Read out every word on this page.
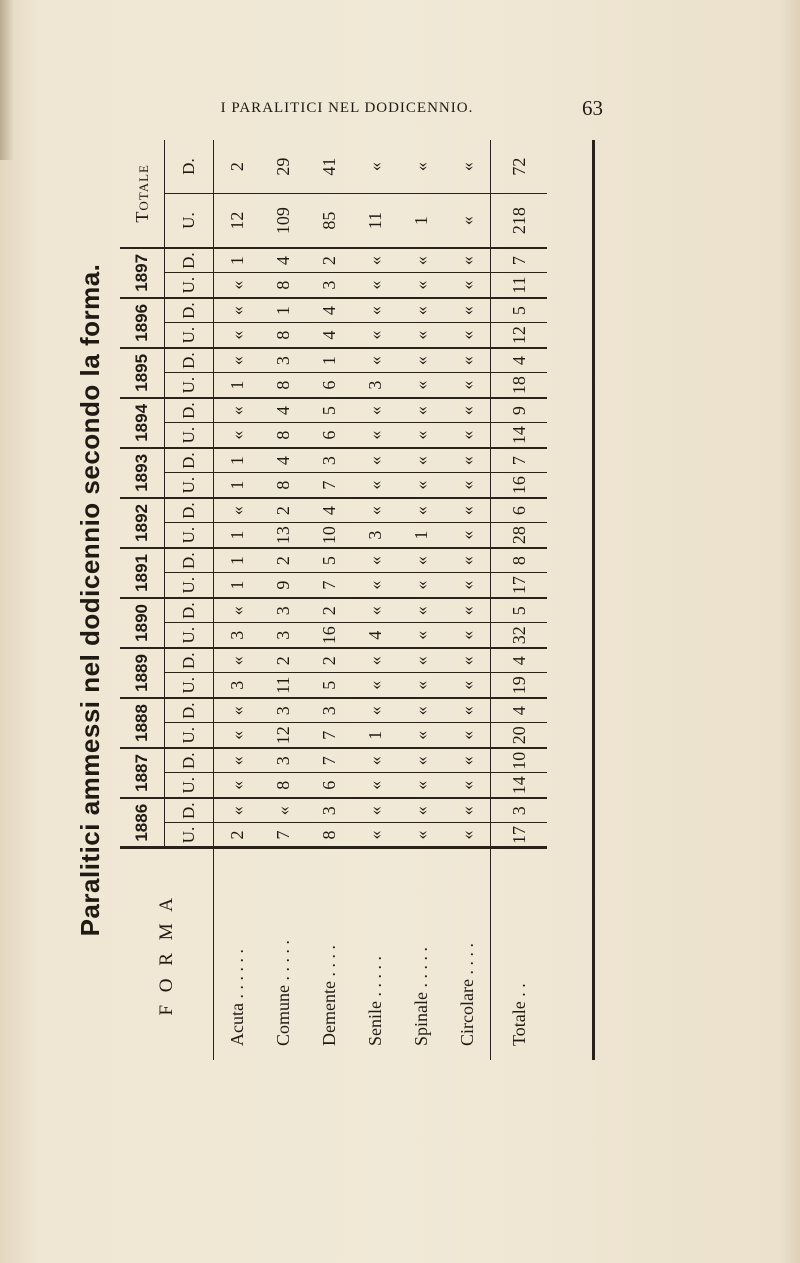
I PARALITICI NEL DODICENNIO.	63
Paralitici ammessi nel dodicennio secondo la forma.
F O R M A	1886		1887		1888		1889		1890		1891		1892		1893		1894		1895		1896		1897		Totale	
	U.	D.	U.	D.	U.	D.	U.	D.	U.	D.	U.	D.	U.	D.	U.	D.	U.	D.	U.	D.	U.	D.	U.	D.	U.	D.
Acuta . . . . . .	2	«	«	«	«	«	3	«	3	«	1	1	1	«	1	1	«	«	1	«	«	«	«	1	12	2
Comune . . . . .	7	«	8	3	12	3	11	2	3	3	9	2	13	2	8	4	8	4	8	3	8	1	8	4	109	29
Demente . . . .	8	3	6	7	7	3	5	2	16	2	7	5	10	4	7	3	6	5	6	1	4	4	3	2	85	41
Senile . . . . .	«	«	«	«	1	«	«	«	4	«	«	«	3	«	«	«	«	«	3	«	«	«	«	«	11	«
Spinale . . . . .	«	«	«	«	«	«	«	«	«	«	«	«	1	«	«	«	«	«	«	«	«	«	«	«	1	«
Circolare . . . .	«	«	«	«	«	«	«	«	«	«	«	«	«	«	«	«	«	«	«	«	«	«	«	«	«	«
Totale . .	17	3	14	10	20	4	19	4	32	5	17	8	28	6	16	7	14	9	18	4	12	5	11	7	218	72
